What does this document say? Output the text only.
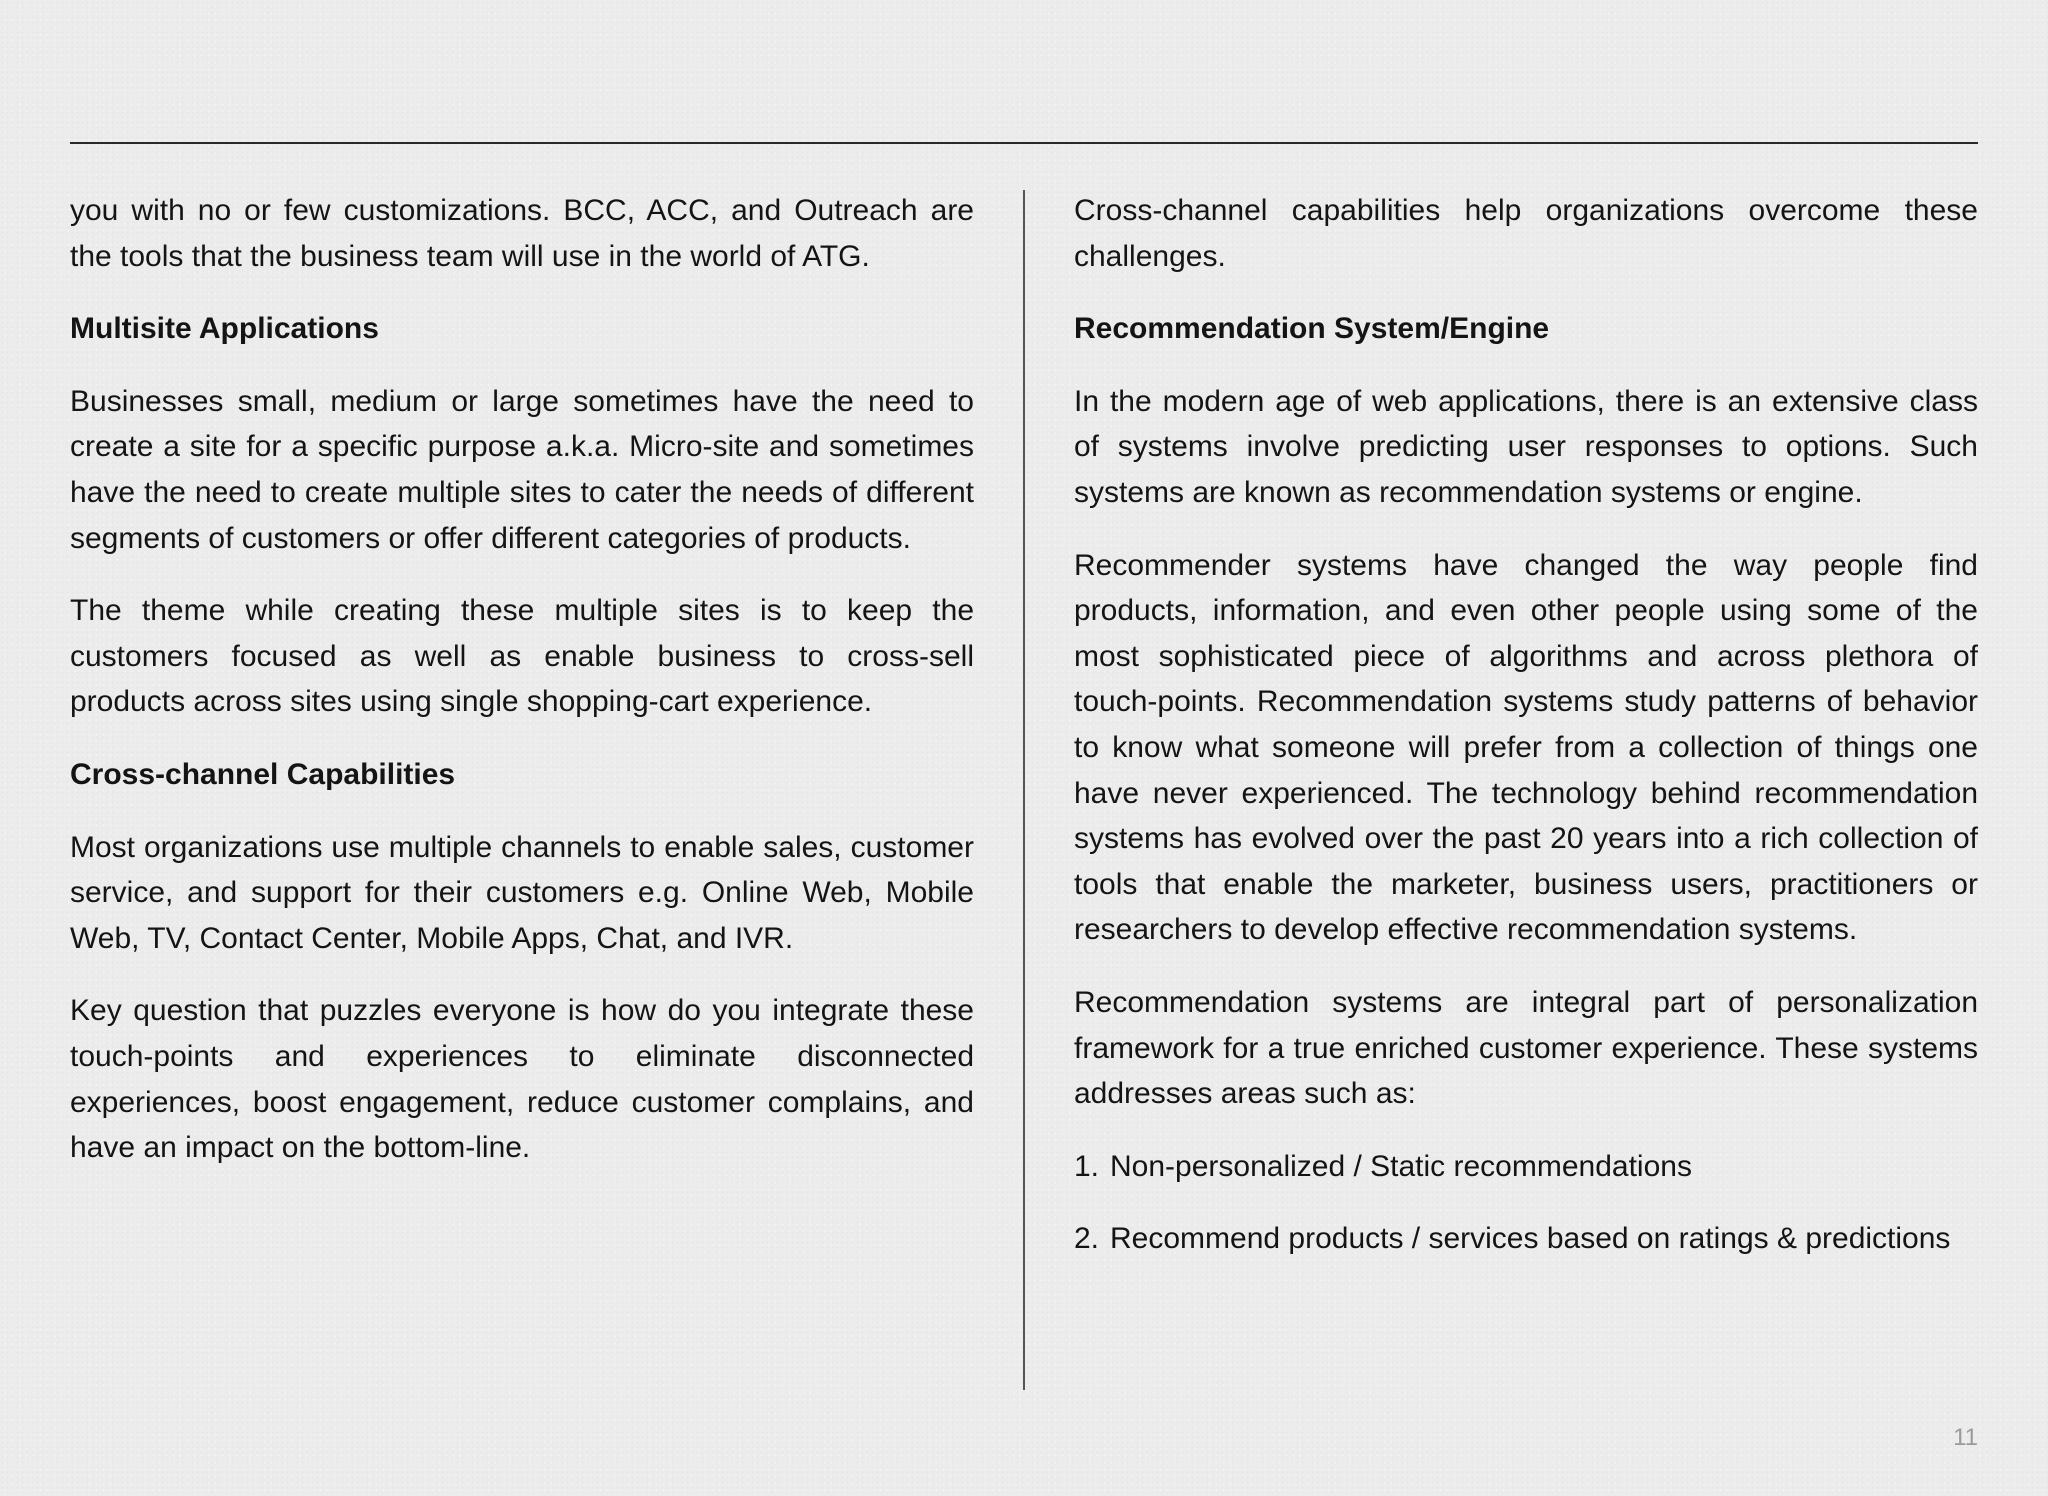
you with no or few customizations. BCC, ACC, and Outreach are the tools that the business team will use in the world of ATG.

Multisite Applications

Businesses small, medium or large sometimes have the need to create a site for a specific purpose a.k.a. Micro-site and sometimes have the need to create multiple sites to cater the needs of different segments of customers or offer different categories of products.

The theme while creating these multiple sites is to keep the customers focused as well as enable business to cross-sell products across sites using single shopping-cart experience.

Cross-channel Capabilities

Most organizations use multiple channels to enable sales, customer service, and support for their customers e.g. Online Web, Mobile Web, TV, Contact Center, Mobile Apps, Chat, and IVR.

Key question that puzzles everyone is how do you integrate these touch-points and experiences to eliminate disconnected experiences, boost engagement, reduce customer complains, and have an impact on the bottom-line.

Cross-channel capabilities help organizations overcome these challenges.

Recommendation System/Engine

In the modern age of web applications, there is an extensive class of systems involve predicting user responses to options. Such systems are known as recommendation systems or engine.

Recommender systems have changed the way people find products, information, and even other people using some of the most sophisticated piece of algorithms and across plethora of touch-points. Recommendation systems study patterns of behavior to know what someone will prefer from a collection of things one have never experienced. The technology behind recommendation systems has evolved over the past 20 years into a rich collection of tools that enable the marketer, business users, practitioners or researchers to develop effective recommendation systems.

Recommendation systems are integral part of personalization framework for a true enriched customer experience. These systems addresses areas such as:

1. Non-personalized / Static recommendations
2. Recommend products / services based on ratings & predictions
11
